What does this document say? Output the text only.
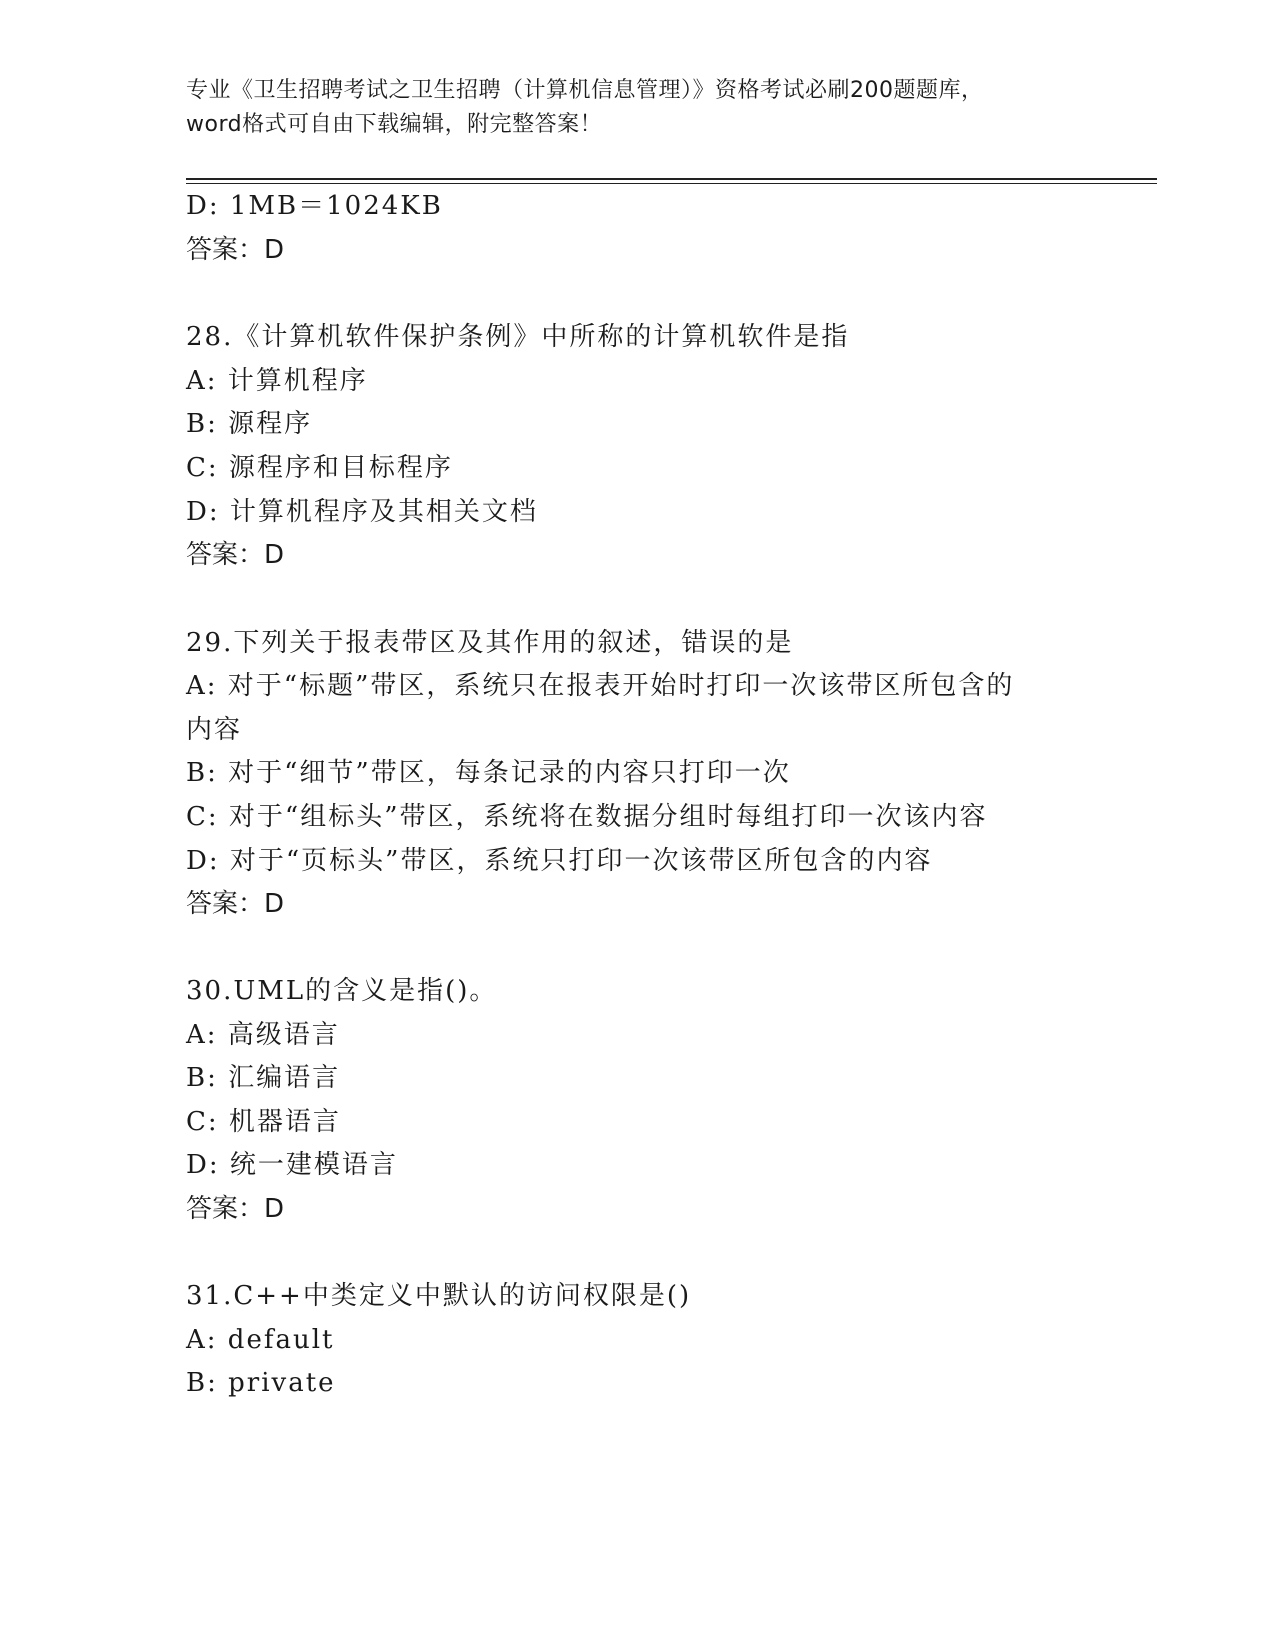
专业《卫生招聘考试之卫生招聘（计算机信息管理）》资格考试必刷200题题库，
word格式可自由下载编辑，附完整答案！
D: 1MB＝1024KB
答案：D
28.《计算机软件保护条例》中所称的计算机软件是指
A: 计算机程序
B: 源程序
C: 源程序和目标程序
D: 计算机程序及其相关文档
答案：D
29.下列关于报表带区及其作用的叙述，错误的是
A: 对于“标题”带区，系统只在报表开始时打印一次该带区所包含的
内容
B: 对于“细节”带区，每条记录的内容只打印一次
C: 对于“组标头”带区，系统将在数据分组时每组打印一次该内容
D: 对于“页标头”带区，系统只打印一次该带区所包含的内容
答案：D
30.UML的含义是指()。
A: 高级语言
B: 汇编语言
C: 机器语言
D: 统一建模语言
答案：D
31.C++中类定义中默认的访问权限是()
A: default
B: private
